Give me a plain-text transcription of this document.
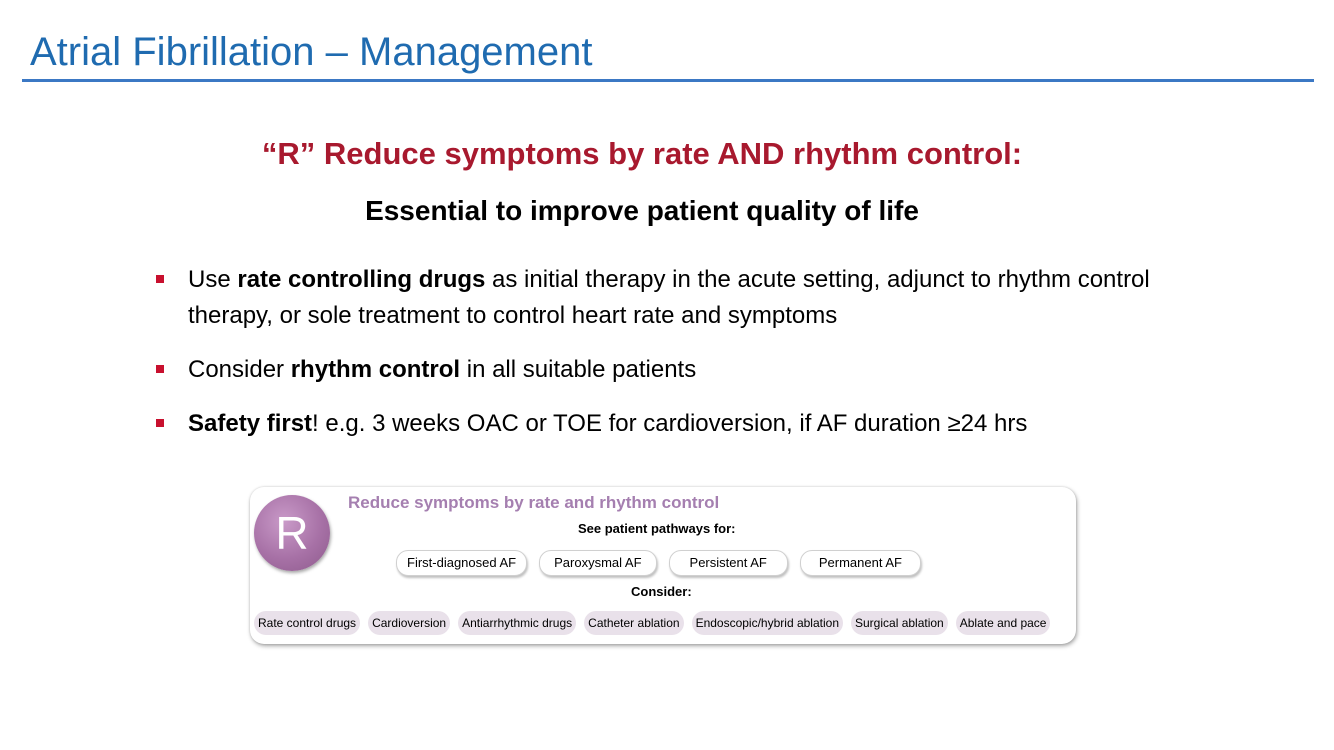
Atrial Fibrillation – Management
“R” Reduce symptoms by rate AND rhythm control:
Essential to improve patient quality of life
Use rate controlling drugs as initial therapy in the acute setting, adjunct to rhythm control therapy, or sole treatment to control heart rate and symptoms
Consider rhythm control in all suitable patients
Safety first! e.g. 3 weeks OAC or TOE for cardioversion, if AF duration ≥24 hrs
R
Reduce symptoms by rate and rhythm control
See patient pathways for:
First-diagnosed AF	Paroxysmal AF	Persistent AF	Permanent AF
Consider:
Rate control drugs	Cardioversion	Antiarrhythmic drugs	Catheter ablation	Endoscopic/hybrid ablation	Surgical ablation	Ablate and pace
